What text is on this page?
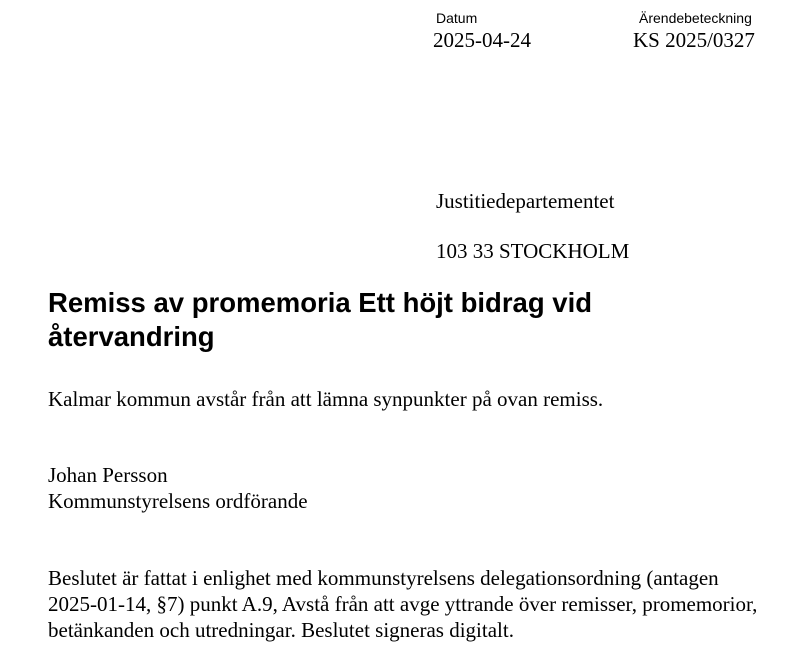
Datum
2025-04-24
Ärendebeteckning
KS 2025/0327
Justitiedepartementet
103 33 STOCKHOLM
Remiss av promemoria Ett höjt bidrag vid återvandring

Kalmar kommun avstår från att lämna synpunkter på ovan remiss.

Johan Persson
Kommunstyrelsens ordförande

Beslutet är fattat i enlighet med kommunstyrelsens delegationsordning (antagen 2025-01-14, §7) punkt A.9, Avstå från att avge yttrande över remisser, promemorior, betänkanden och utredningar. Beslutet signeras digitalt.
